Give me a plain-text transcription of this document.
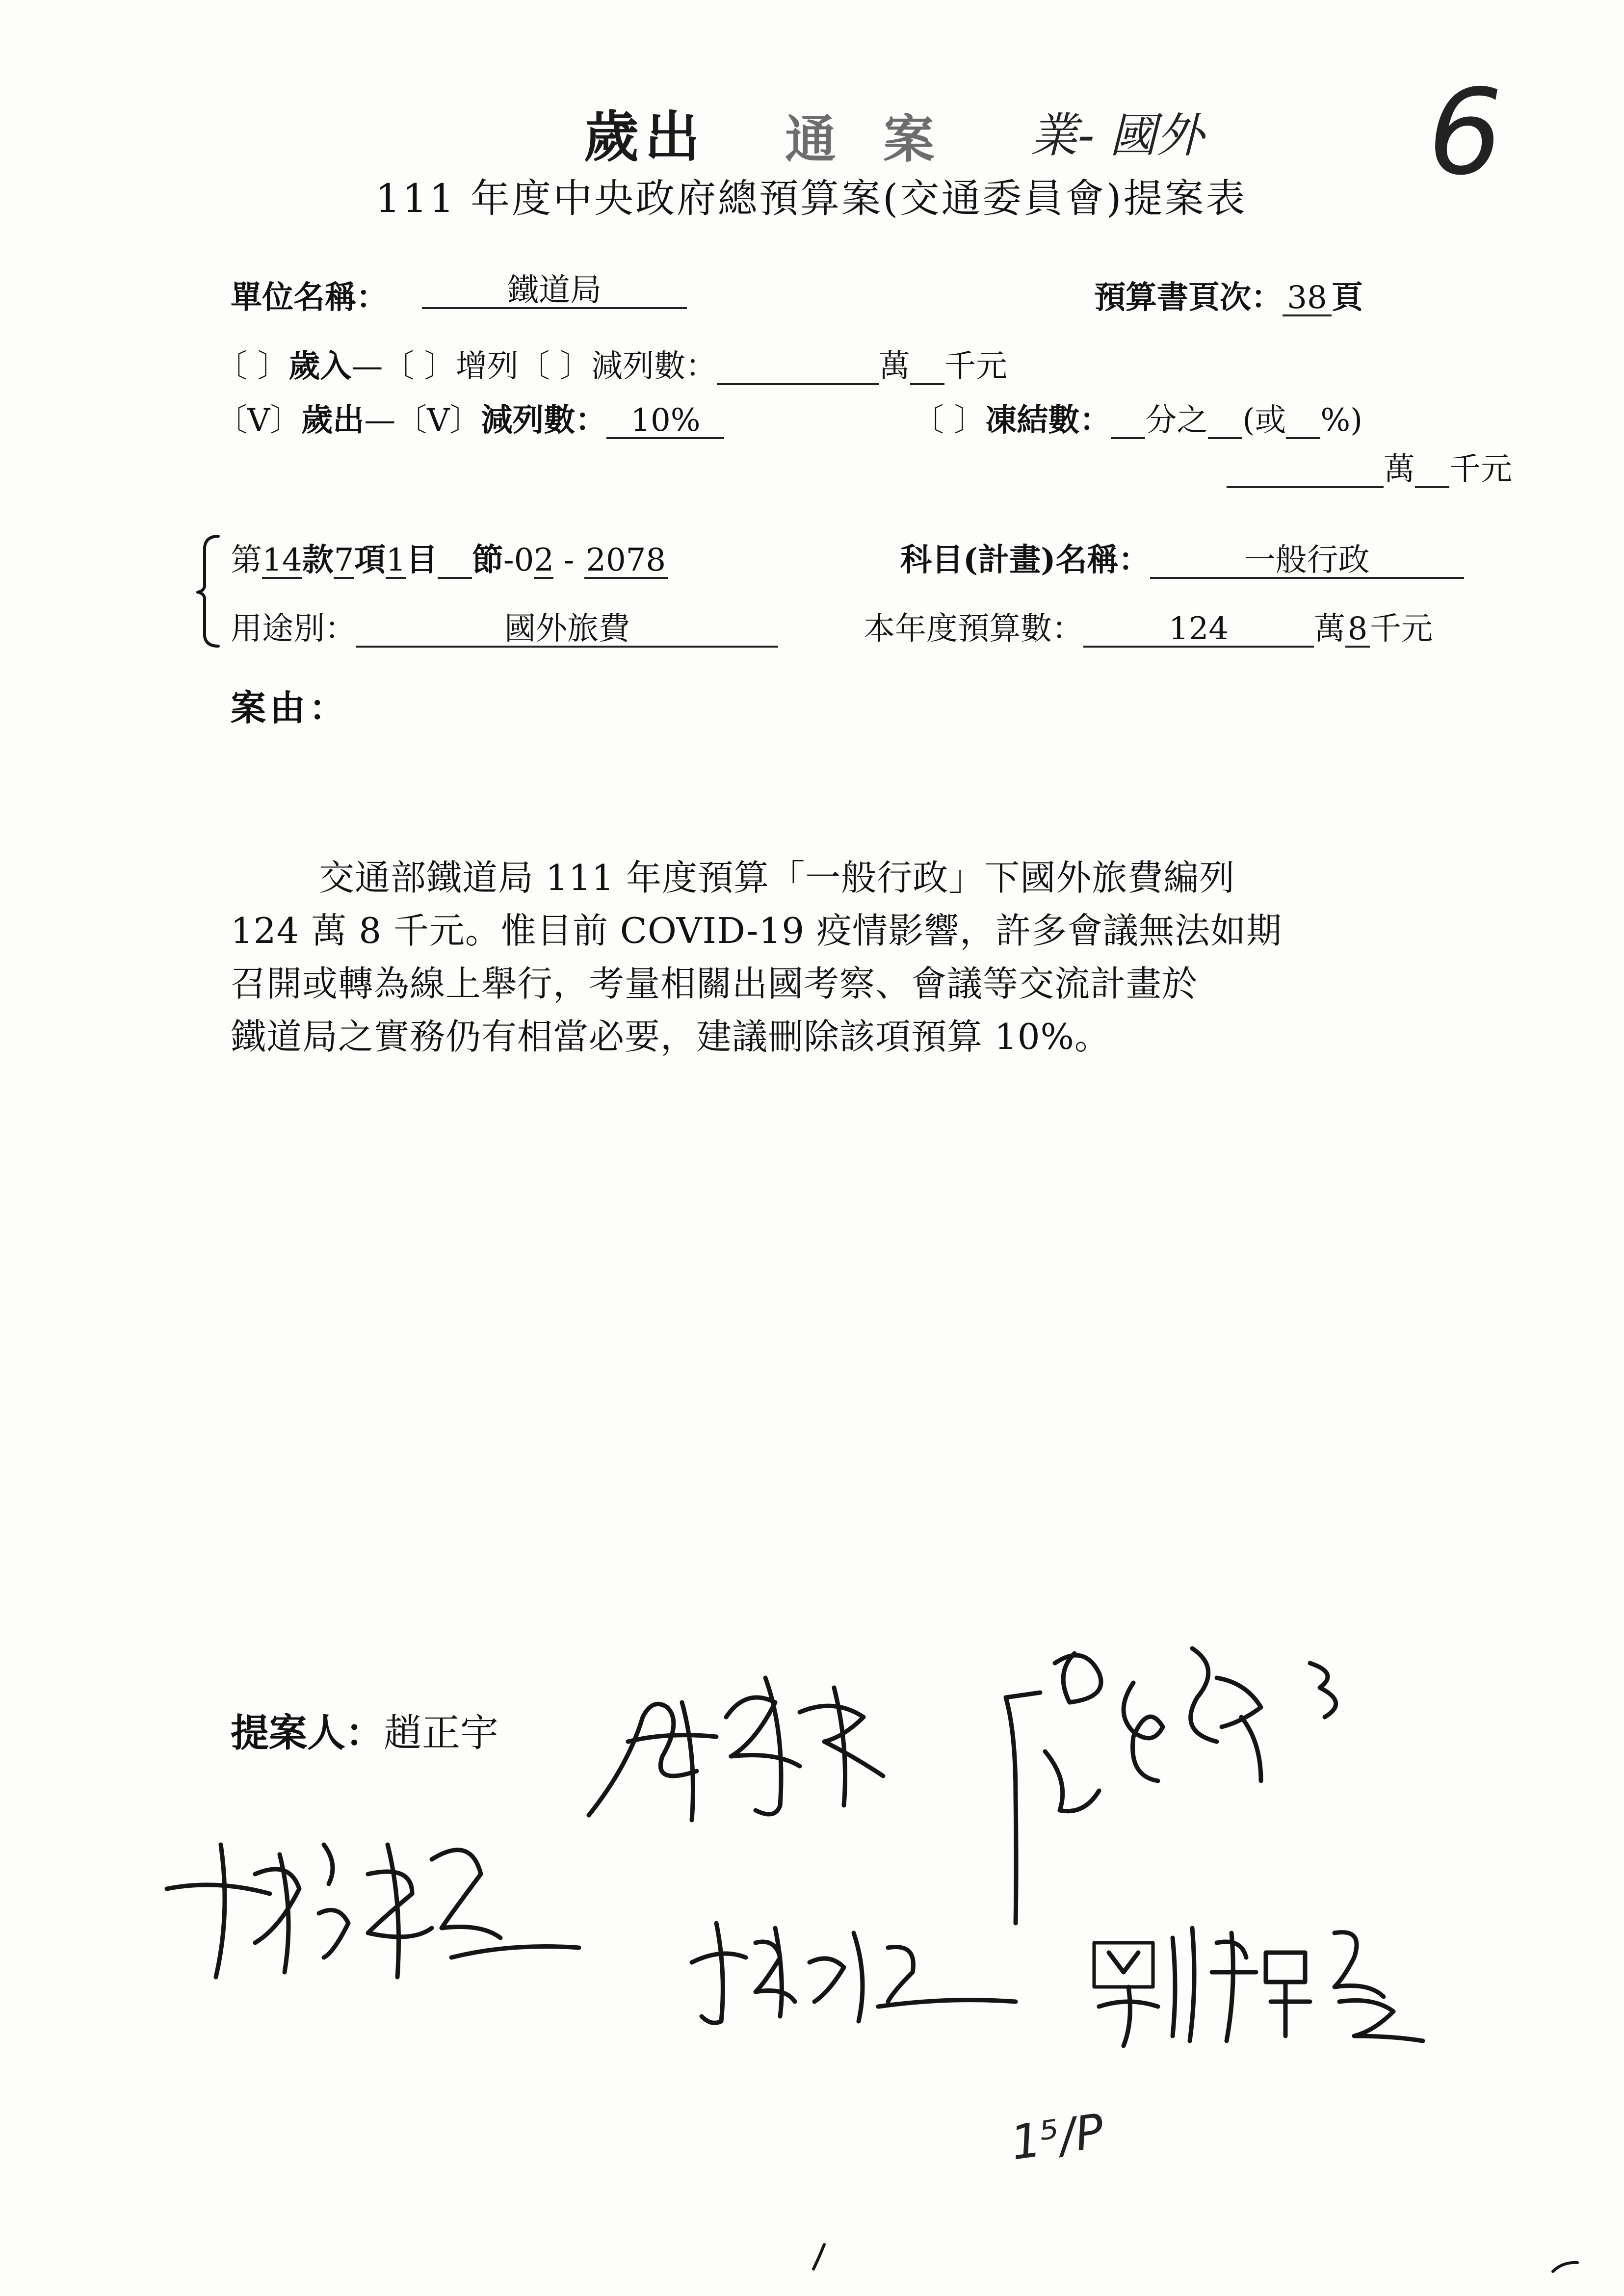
歲出 通 案 業- 國外 6
111 年度中央政府總預算案(交通委員會)提案表
單位名稱：	鐵道局	預算書頁次： 38 頁
〔 〕歲入—〔 〕增列〔 〕減列數：	萬 千元
〔V〕歲出—〔V〕減列數： 10%	〔 〕凍結數： 分之 (或 %)
萬 千元
第14款7項1目 節-02 - 2078	科目(計畫)名稱：	一般行政
用途別：	國外旅費	本年度預算數：	124	萬8千元
案由：
交通部鐵道局 111 年度預算「一般行政」下國外旅費編列
124 萬 8 千元。惟目前 COVID-19 疫情影響，許多會議無法如期
召開或轉為線上舉行，考量相關出國考察、會議等交流計畫於
鐵道局之實務仍有相當必要，建議刪除該項預算 10%。
提案人：趙正宇
1⁵/P
